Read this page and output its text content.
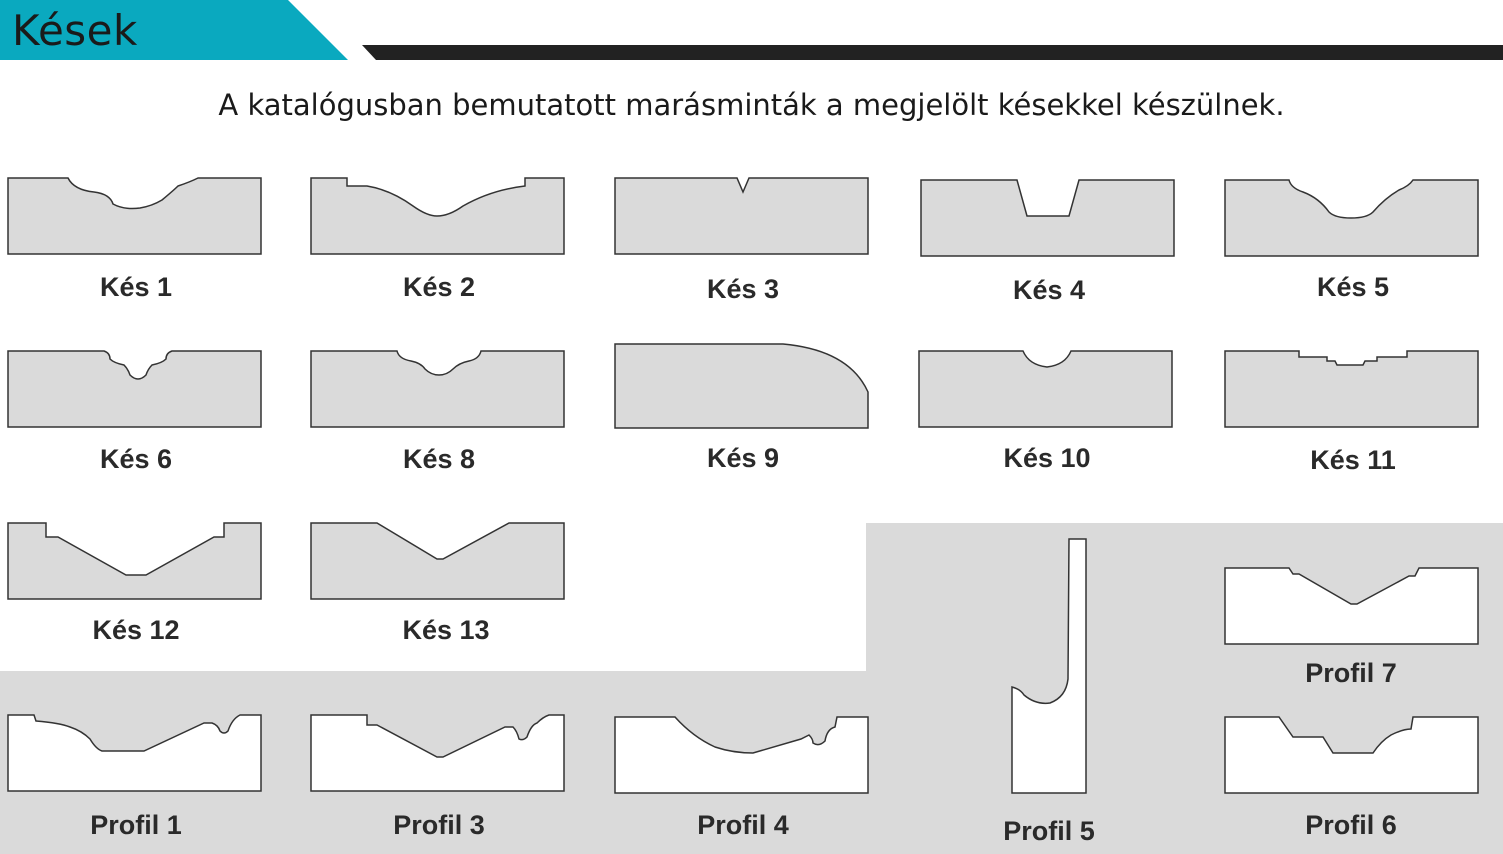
Kések
A katalógusban bemutatott marásminták a megjelölt késekkel készülnek.
Kés 1	Kés 2	Kés 3	Kés 4	Kés 5
Kés 6	Kés 8	Kés 9	Kés 10	Kés 11
Kés 12	Kés 13
Profil 1	Profil 3	Profil 4	Profil 5
Profil 7
Profil 6
